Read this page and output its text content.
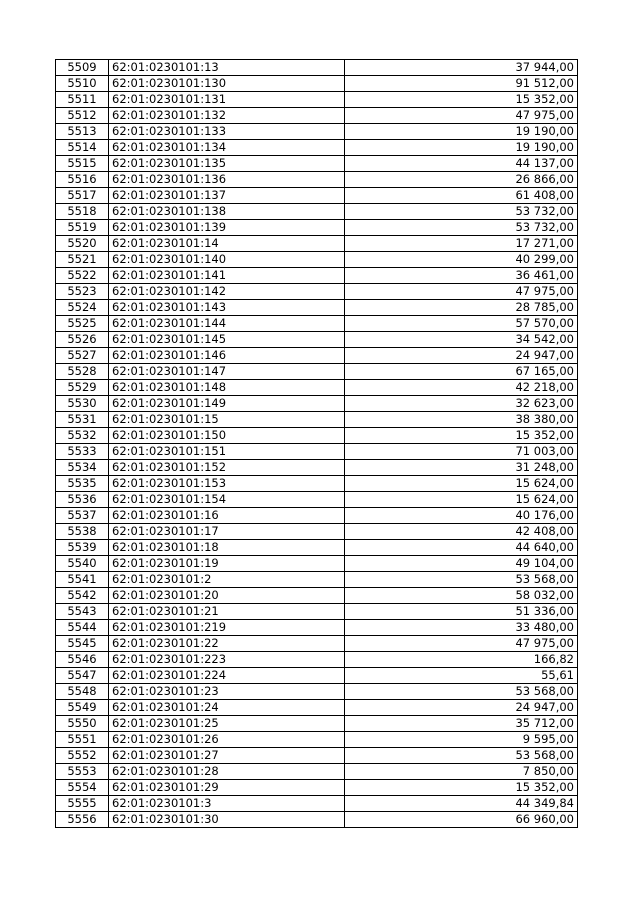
5509	62:01:0230101:13	37 944,00
5510	62:01:0230101:130	91 512,00
5511	62:01:0230101:131	15 352,00
5512	62:01:0230101:132	47 975,00
5513	62:01:0230101:133	19 190,00
5514	62:01:0230101:134	19 190,00
5515	62:01:0230101:135	44 137,00
5516	62:01:0230101:136	26 866,00
5517	62:01:0230101:137	61 408,00
5518	62:01:0230101:138	53 732,00
5519	62:01:0230101:139	53 732,00
5520	62:01:0230101:14	17 271,00
5521	62:01:0230101:140	40 299,00
5522	62:01:0230101:141	36 461,00
5523	62:01:0230101:142	47 975,00
5524	62:01:0230101:143	28 785,00
5525	62:01:0230101:144	57 570,00
5526	62:01:0230101:145	34 542,00
5527	62:01:0230101:146	24 947,00
5528	62:01:0230101:147	67 165,00
5529	62:01:0230101:148	42 218,00
5530	62:01:0230101:149	32 623,00
5531	62:01:0230101:15	38 380,00
5532	62:01:0230101:150	15 352,00
5533	62:01:0230101:151	71 003,00
5534	62:01:0230101:152	31 248,00
5535	62:01:0230101:153	15 624,00
5536	62:01:0230101:154	15 624,00
5537	62:01:0230101:16	40 176,00
5538	62:01:0230101:17	42 408,00
5539	62:01:0230101:18	44 640,00
5540	62:01:0230101:19	49 104,00
5541	62:01:0230101:2	53 568,00
5542	62:01:0230101:20	58 032,00
5543	62:01:0230101:21	51 336,00
5544	62:01:0230101:219	33 480,00
5545	62:01:0230101:22	47 975,00
5546	62:01:0230101:223	166,82
5547	62:01:0230101:224	55,61
5548	62:01:0230101:23	53 568,00
5549	62:01:0230101:24	24 947,00
5550	62:01:0230101:25	35 712,00
5551	62:01:0230101:26	9 595,00
5552	62:01:0230101:27	53 568,00
5553	62:01:0230101:28	7 850,00
5554	62:01:0230101:29	15 352,00
5555	62:01:0230101:3	44 349,84
5556	62:01:0230101:30	66 960,00
